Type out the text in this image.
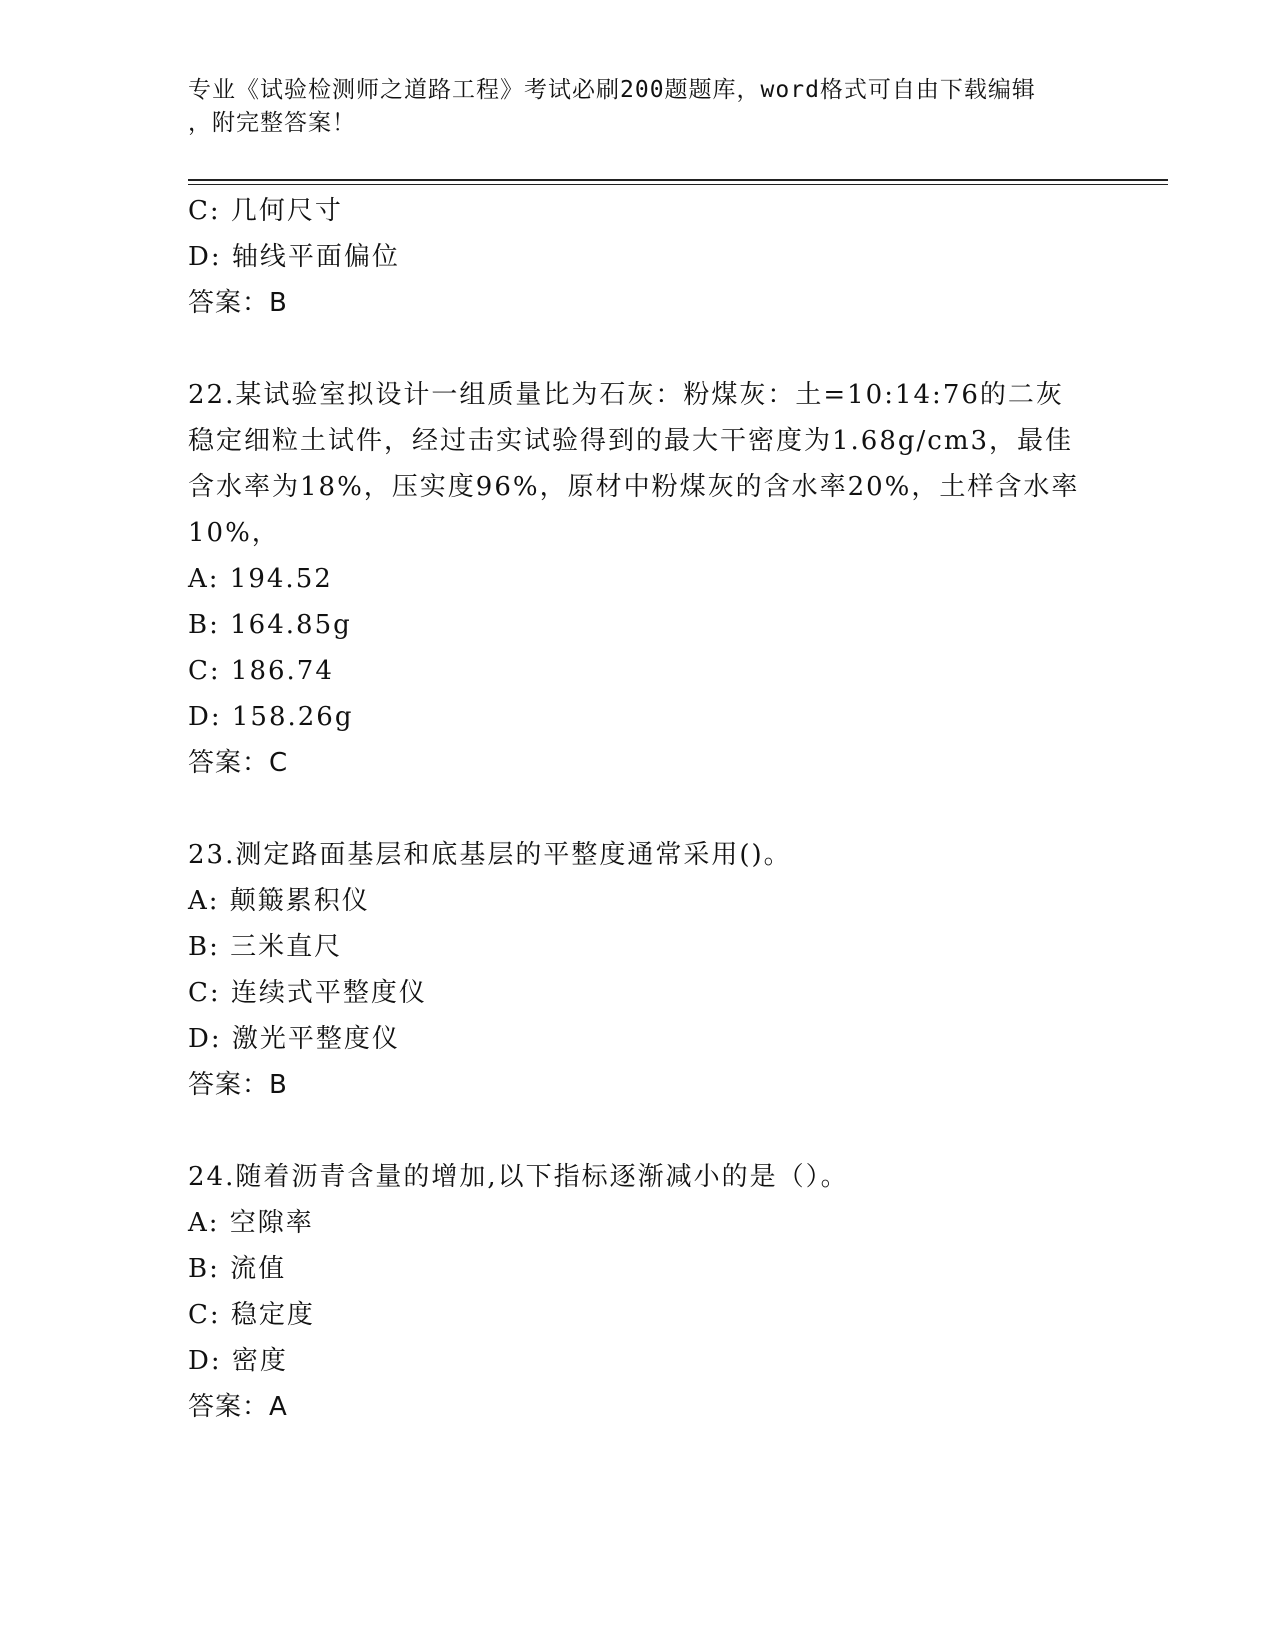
专业《试验检测师之道路工程》考试必刷200题题库，word格式可自由下载编辑
，附完整答案！
C: 几何尺寸
D: 轴线平面偏位
答案：B
22.某试验室拟设计一组质量比为石灰：粉煤灰：土=10:14:76的二灰
稳定细粒土试件，经过击实试验得到的最大干密度为1.68g/cm3，最佳
含水率为18%，压实度96%，原材中粉煤灰的含水率20%，土样含水率
10%，
A: 194.52
B: 164.85g
C: 186.74
D: 158.26g
答案：C
23.测定路面基层和底基层的平整度通常采用()。
A: 颠簸累积仪
B: 三米直尺
C: 连续式平整度仪
D: 激光平整度仪
答案：B
24.随着沥青含量的增加,以下指标逐渐减小的是（）。
A: 空隙率
B: 流值
C: 稳定度
D: 密度
答案：A
